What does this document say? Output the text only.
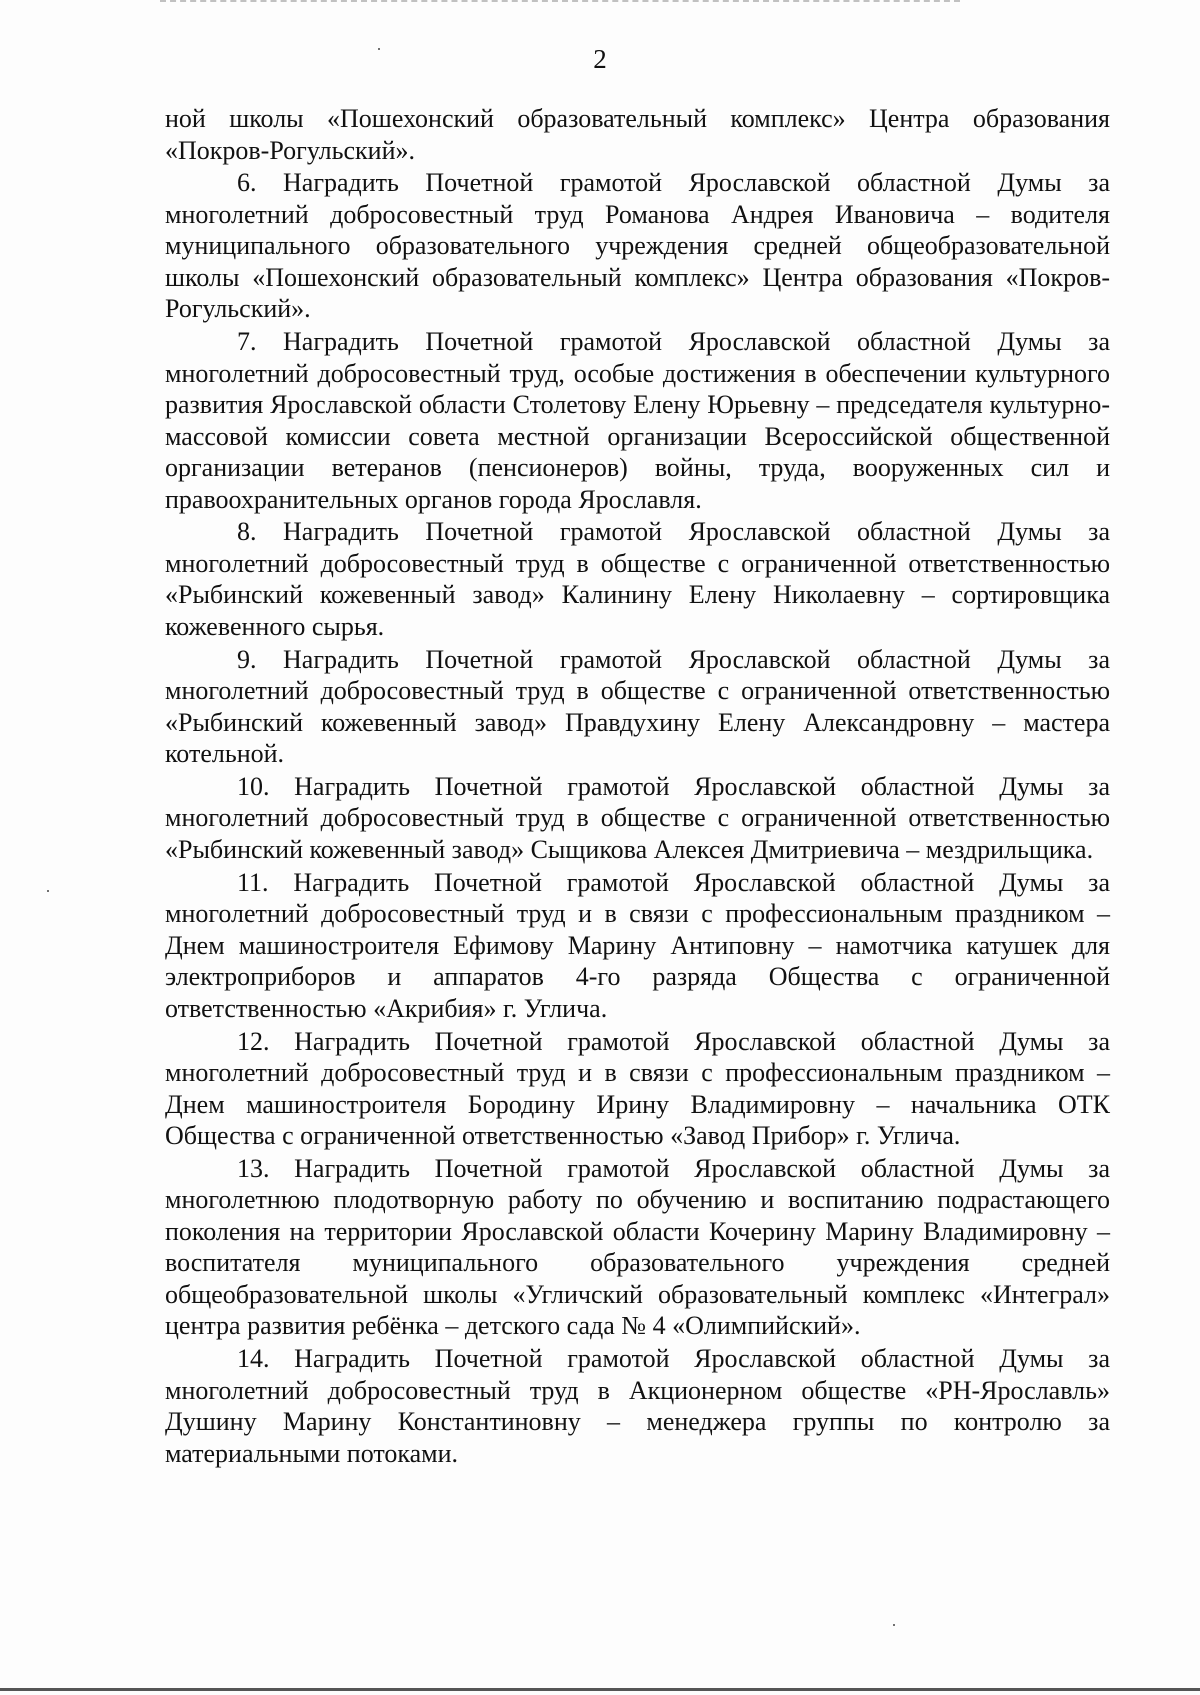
2

ной школы «Пошехонский образовательный комплекс» Центра образования «Покров-Рогульский».

6. Наградить Почетной грамотой Ярославской областной Думы за многолетний добросовестный труд Романова Андрея Ивановича – водителя муниципального образовательного учреждения средней общеобразовательной школы «Пошехонский образовательный комплекс» Центра образования «Покров-Рогульский».

7. Наградить Почетной грамотой Ярославской областной Думы за многолетний добросовестный труд, особые достижения в обеспечении культурного развития Ярославской области Столетову Елену Юрьевну – председателя культурно-массовой комиссии совета местной организации Всероссийской общественной организации ветеранов (пенсионеров) войны, труда, вооруженных сил и правоохранительных органов города Ярославля.

8. Наградить Почетной грамотой Ярославской областной Думы за многолетний добросовестный труд в обществе с ограниченной ответственностью «Рыбинский кожевенный завод» Калинину Елену Николаевну – сортировщика кожевенного сырья.

9. Наградить Почетной грамотой Ярославской областной Думы за многолетний добросовестный труд в обществе с ограниченной ответственностью «Рыбинский кожевенный завод» Правдухину Елену Александровну – мастера котельной.

10. Наградить Почетной грамотой Ярославской областной Думы за многолетний добросовестный труд в обществе с ограниченной ответственностью «Рыбинский кожевенный завод» Сыщикова Алексея Дмитриевича – мездрильщика.

11. Наградить Почетной грамотой Ярославской областной Думы за многолетний добросовестный труд и в связи с профессиональным праздником – Днем машиностроителя Ефимову Марину Антиповну – намотчика катушек для электроприборов и аппаратов 4-го разряда Общества с ограниченной ответственностью «Акрибия» г. Углича.

12. Наградить Почетной грамотой Ярославской областной Думы за многолетний добросовестный труд и в связи с профессиональным праздником – Днем машиностроителя Бородину Ирину Владимировну – начальника ОТК Общества с ограниченной ответственностью «Завод Прибор» г. Углича.

13. Наградить Почетной грамотой Ярославской областной Думы за многолетнюю плодотворную работу по обучению и воспитанию подрастающего поколения на территории Ярославской области Кочерину Марину Владимировну – воспитателя муниципального образовательного учреждения средней общеобразовательной школы «Угличский образовательный комплекс «Интеграл» центра развития ребёнка – детского сада № 4 «Олимпийский».

14. Наградить Почетной грамотой Ярославской областной Думы за многолетний добросовестный труд в Акционерном обществе «РН-Ярославль» Душину Марину Константиновну – менеджера группы по контролю за материальными потоками.
